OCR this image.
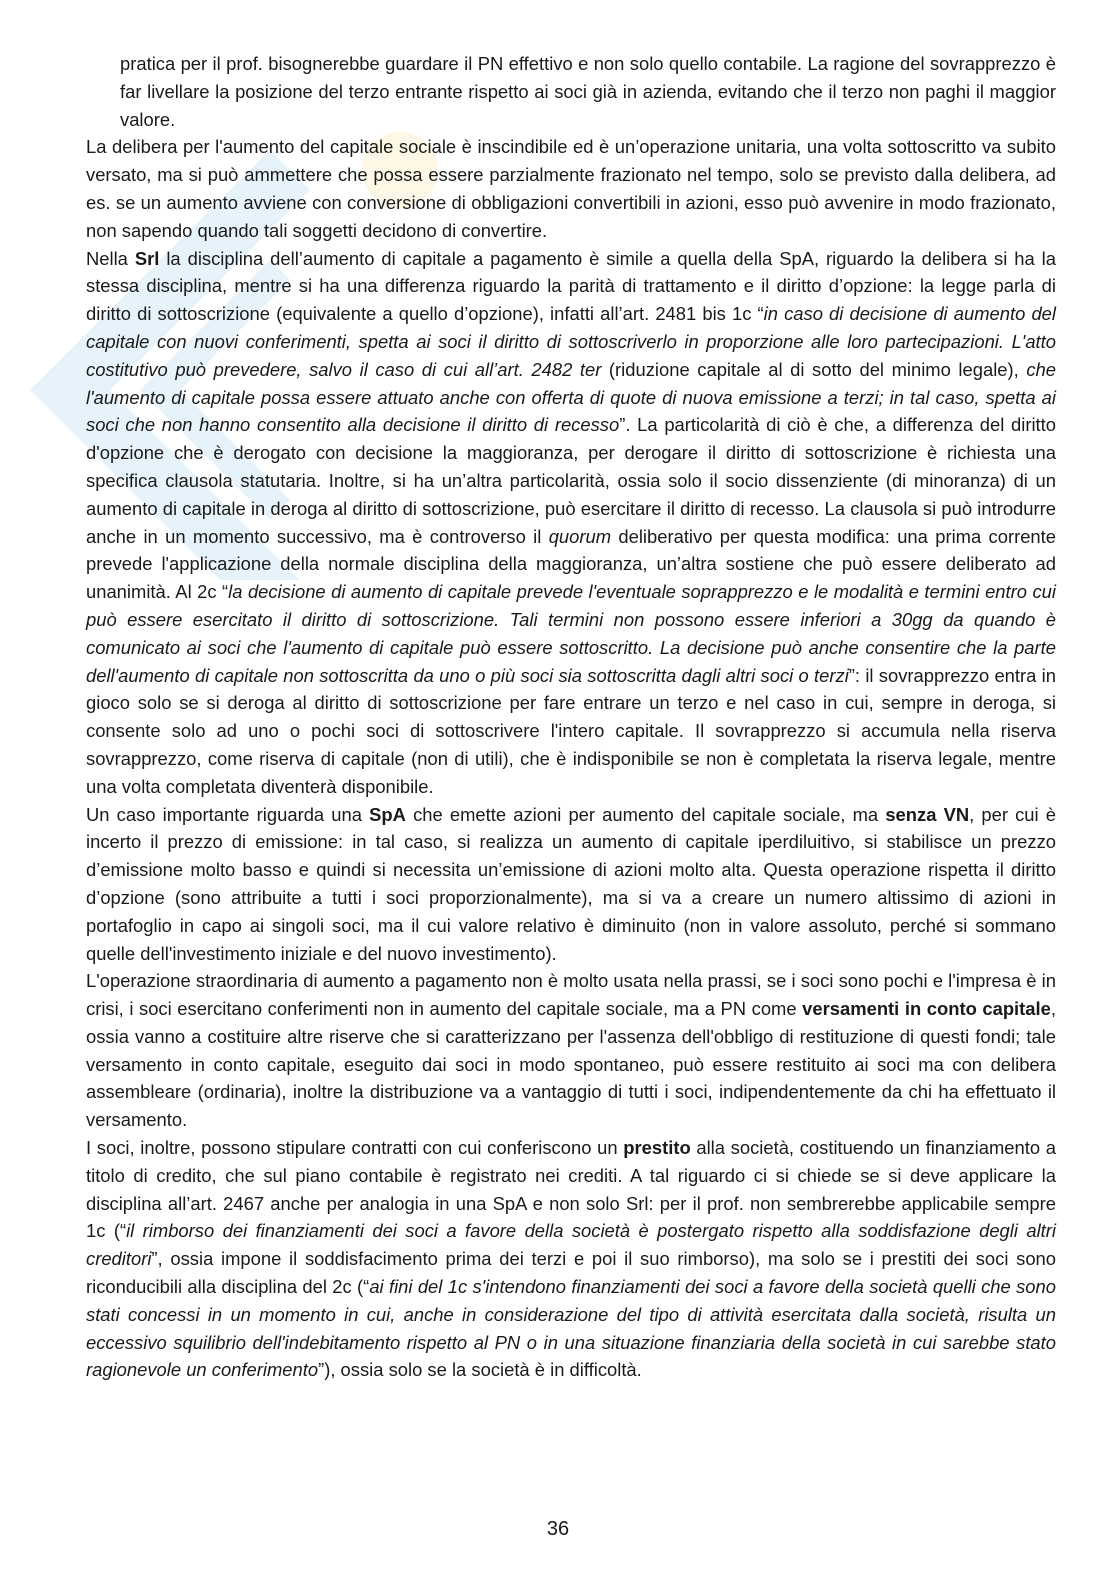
pratica per il prof. bisognerebbe guardare il PN effettivo e non solo quello contabile. La ragione del sovrapprezzo è far livellare la posizione del terzo entrante rispetto ai soci già in azienda, evitando che il terzo non paghi il maggior valore.

La delibera per l'aumento del capitale sociale è inscindibile ed è un’operazione unitaria, una volta sottoscritto va subito versato, ma si può ammettere che possa essere parzialmente frazionato nel tempo, solo se previsto dalla delibera, ad es. se un aumento avviene con conversione di obbligazioni convertibili in azioni, esso può avvenire in modo frazionato, non sapendo quando tali soggetti decidono di convertire.

Nella Srl la disciplina dell’aumento di capitale a pagamento è simile a quella della SpA, riguardo la delibera si ha la stessa disciplina, mentre si ha una differenza riguardo la parità di trattamento e il diritto d’opzione: la legge parla di diritto di sottoscrizione (equivalente a quello d’opzione), infatti all’art. 2481 bis 1c “in caso di decisione di aumento del capitale con nuovi conferimenti, spetta ai soci il diritto di sottoscriverlo in proporzione alle loro partecipazioni. L'atto costitutivo può prevedere, salvo il caso di cui all’art. 2482 ter (riduzione capitale al di sotto del minimo legale), che l'aumento di capitale possa essere attuato anche con offerta di quote di nuova emissione a terzi; in tal caso, spetta ai soci che non hanno consentito alla decisione il diritto di recesso”. La particolarità di ciò è che, a differenza del diritto d'opzione che è derogato con decisione la maggioranza, per derogare il diritto di sottoscrizione è richiesta una specifica clausola statutaria. Inoltre, si ha un’altra particolarità, ossia solo il socio dissenziente (di minoranza) di un aumento di capitale in deroga al diritto di sottoscrizione, può esercitare il diritto di recesso. La clausola si può introdurre anche in un momento successivo, ma è controverso il quorum deliberativo per questa modifica: una prima corrente prevede l'applicazione della normale disciplina della maggioranza, un’altra sostiene che può essere deliberato ad unanimità. Al 2c “la decisione di aumento di capitale prevede l'eventuale soprapprezzo e le modalità e termini entro cui può essere esercitato il diritto di sottoscrizione. Tali termini non possono essere inferiori a 30gg da quando è comunicato ai soci che l'aumento di capitale può essere sottoscritto. La decisione può anche consentire che la parte dell'aumento di capitale non sottoscritta da uno o più soci sia sottoscritta dagli altri soci o terzi”: il sovrapprezzo entra in gioco solo se si deroga al diritto di sottoscrizione per fare entrare un terzo e nel caso in cui, sempre in deroga, si consente solo ad uno o pochi soci di sottoscrivere l'intero capitale. Il sovrapprezzo si accumula nella riserva sovrapprezzo, come riserva di capitale (non di utili), che è indisponibile se non è completata la riserva legale, mentre una volta completata diventerà disponibile.

Un caso importante riguarda una SpA che emette azioni per aumento del capitale sociale, ma senza VN, per cui è incerto il prezzo di emissione: in tal caso, si realizza un aumento di capitale iperdiluitivo, si stabilisce un prezzo d’emissione molto basso e quindi si necessita un’emissione di azioni molto alta. Questa operazione rispetta il diritto d’opzione (sono attribuite a tutti i soci proporzionalmente), ma si va a creare un numero altissimo di azioni in portafoglio in capo ai singoli soci, ma il cui valore relativo è diminuito (non in valore assoluto, perché si sommano quelle dell'investimento iniziale e del nuovo investimento).

L'operazione straordinaria di aumento a pagamento non è molto usata nella prassi, se i soci sono pochi e l'impresa è in crisi, i soci esercitano conferimenti non in aumento del capitale sociale, ma a PN come versamenti in conto capitale, ossia vanno a costituire altre riserve che si caratterizzano per l'assenza dell'obbligo di restituzione di questi fondi; tale versamento in conto capitale, eseguito dai soci in modo spontaneo, può essere restituito ai soci ma con delibera assembleare (ordinaria), inoltre la distribuzione va a vantaggio di tutti i soci, indipendentemente da chi ha effettuato il versamento.

I soci, inoltre, possono stipulare contratti con cui conferiscono un prestito alla società, costituendo un finanziamento a titolo di credito, che sul piano contabile è registrato nei crediti. A tal riguardo ci si chiede se si deve applicare la disciplina all’art. 2467 anche per analogia in una SpA e non solo Srl: per il prof. non sembrerebbe applicabile sempre 1c (“il rimborso dei finanziamenti dei soci a favore della società è postergato rispetto alla soddisfazione degli altri creditori”, ossia impone il soddisfacimento prima dei terzi e poi il suo rimborso), ma solo se i prestiti dei soci sono riconducibili alla disciplina del 2c (“ai fini del 1c s'intendono finanziamenti dei soci a favore della società quelli che sono stati concessi in un momento in cui, anche in considerazione del tipo di attività esercitata dalla società, risulta un eccessivo squilibrio dell'indebitamento rispetto al PN o in una situazione finanziaria della società in cui sarebbe stato ragionevole un conferimento”), ossia solo se la società è in difficoltà.

36
